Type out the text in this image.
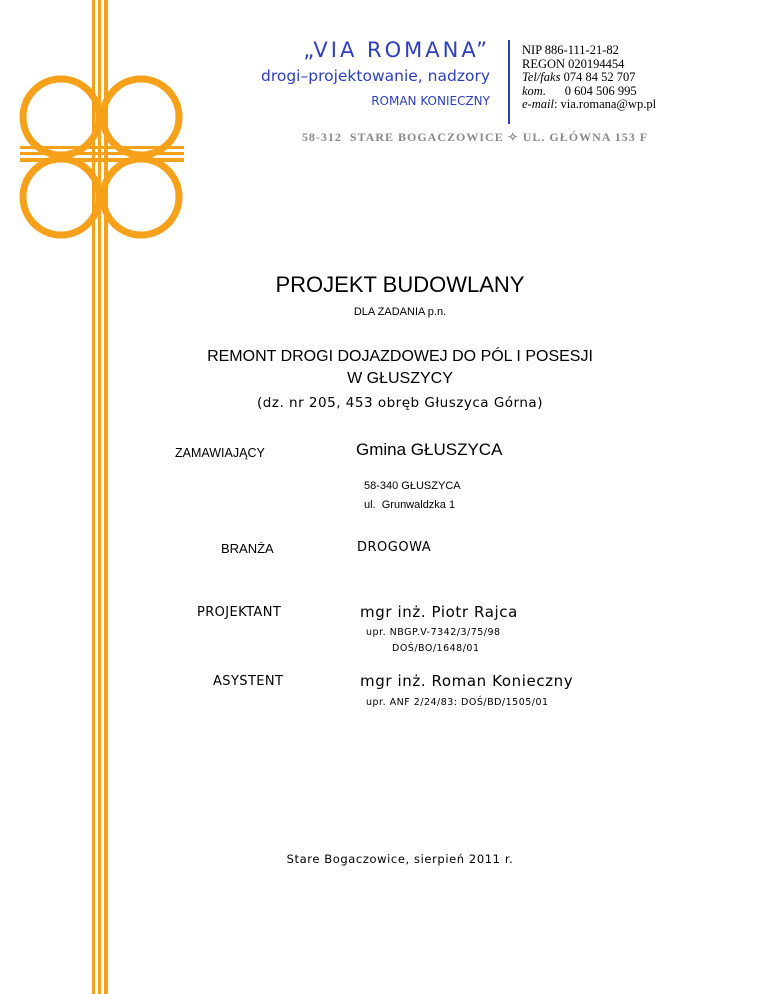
„VIA ROMANA”
drogi–projektowanie, nadzory
ROMAN KONIECZNY
NIP 886-111-21-82
REGON 020194454
Tel/faks 074 84 52 707
kom.      0 604 506 995
e-mail: via.romana@wp.pl
58-312  STARE BOGACZOWICE ✧ UL. GŁÓWNA 153 F
PROJEKT BUDOWLANY
DLA ZADANIA p.n.
REMONT DROGI DOJAZDOWEJ DO PÓL I POSESJI
W GŁUSZYCY
(dz. nr 205, 453 obręb Głuszyca Górna)
ZAMAWIAJĄCY	Gmina GŁUSZYCA
58-340 GŁUSZYCA
ul.  Grunwaldzka 1
BRANŻA	DROGOWA
PROJEKTANT	mgr inż. Piotr Rajca
upr. NBGP.V-7342/3/75/98
DOŚ/BO/1648/01
ASYSTENT	mgr inż. Roman Konieczny
upr. ANF 2/24/83: DOŚ/BD/1505/01
Stare Bogaczowice, sierpień 2011 r.
